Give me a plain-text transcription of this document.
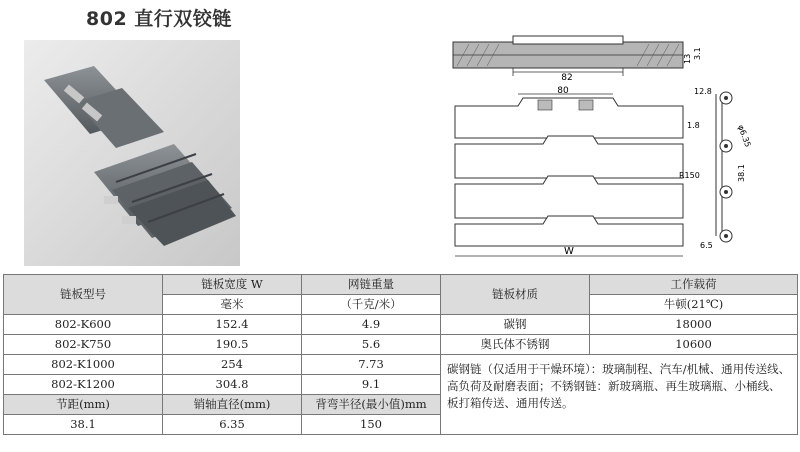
802 直行双铰链
82
13 3.1
80
W
1.8
R150
12.8
φ6.35
38.1
6.5
链板型号	链板宽度 W	网链重量	链板材质	工作载荷
	毫米	（千克/米）		牛顿(21℃)
802-K600	152.4	4.9	碳钢	18000
802-K750	190.5	5.6	奥氏体不锈钢	10600
802-K1000	254	7.73	碳钢链（仅适用于干燥环境）：玻璃制程、汽车/机械、通用传送线、高负荷及耐磨表面；不锈钢链：新玻璃瓶、再生玻璃瓶、小桶线、板打箱传送、通用传送。	
802-K1200	304.8	9.1		
节距(mm)	销轴直径(mm)	背弯半径(最小值)mm		
38.1	6.35	150		
